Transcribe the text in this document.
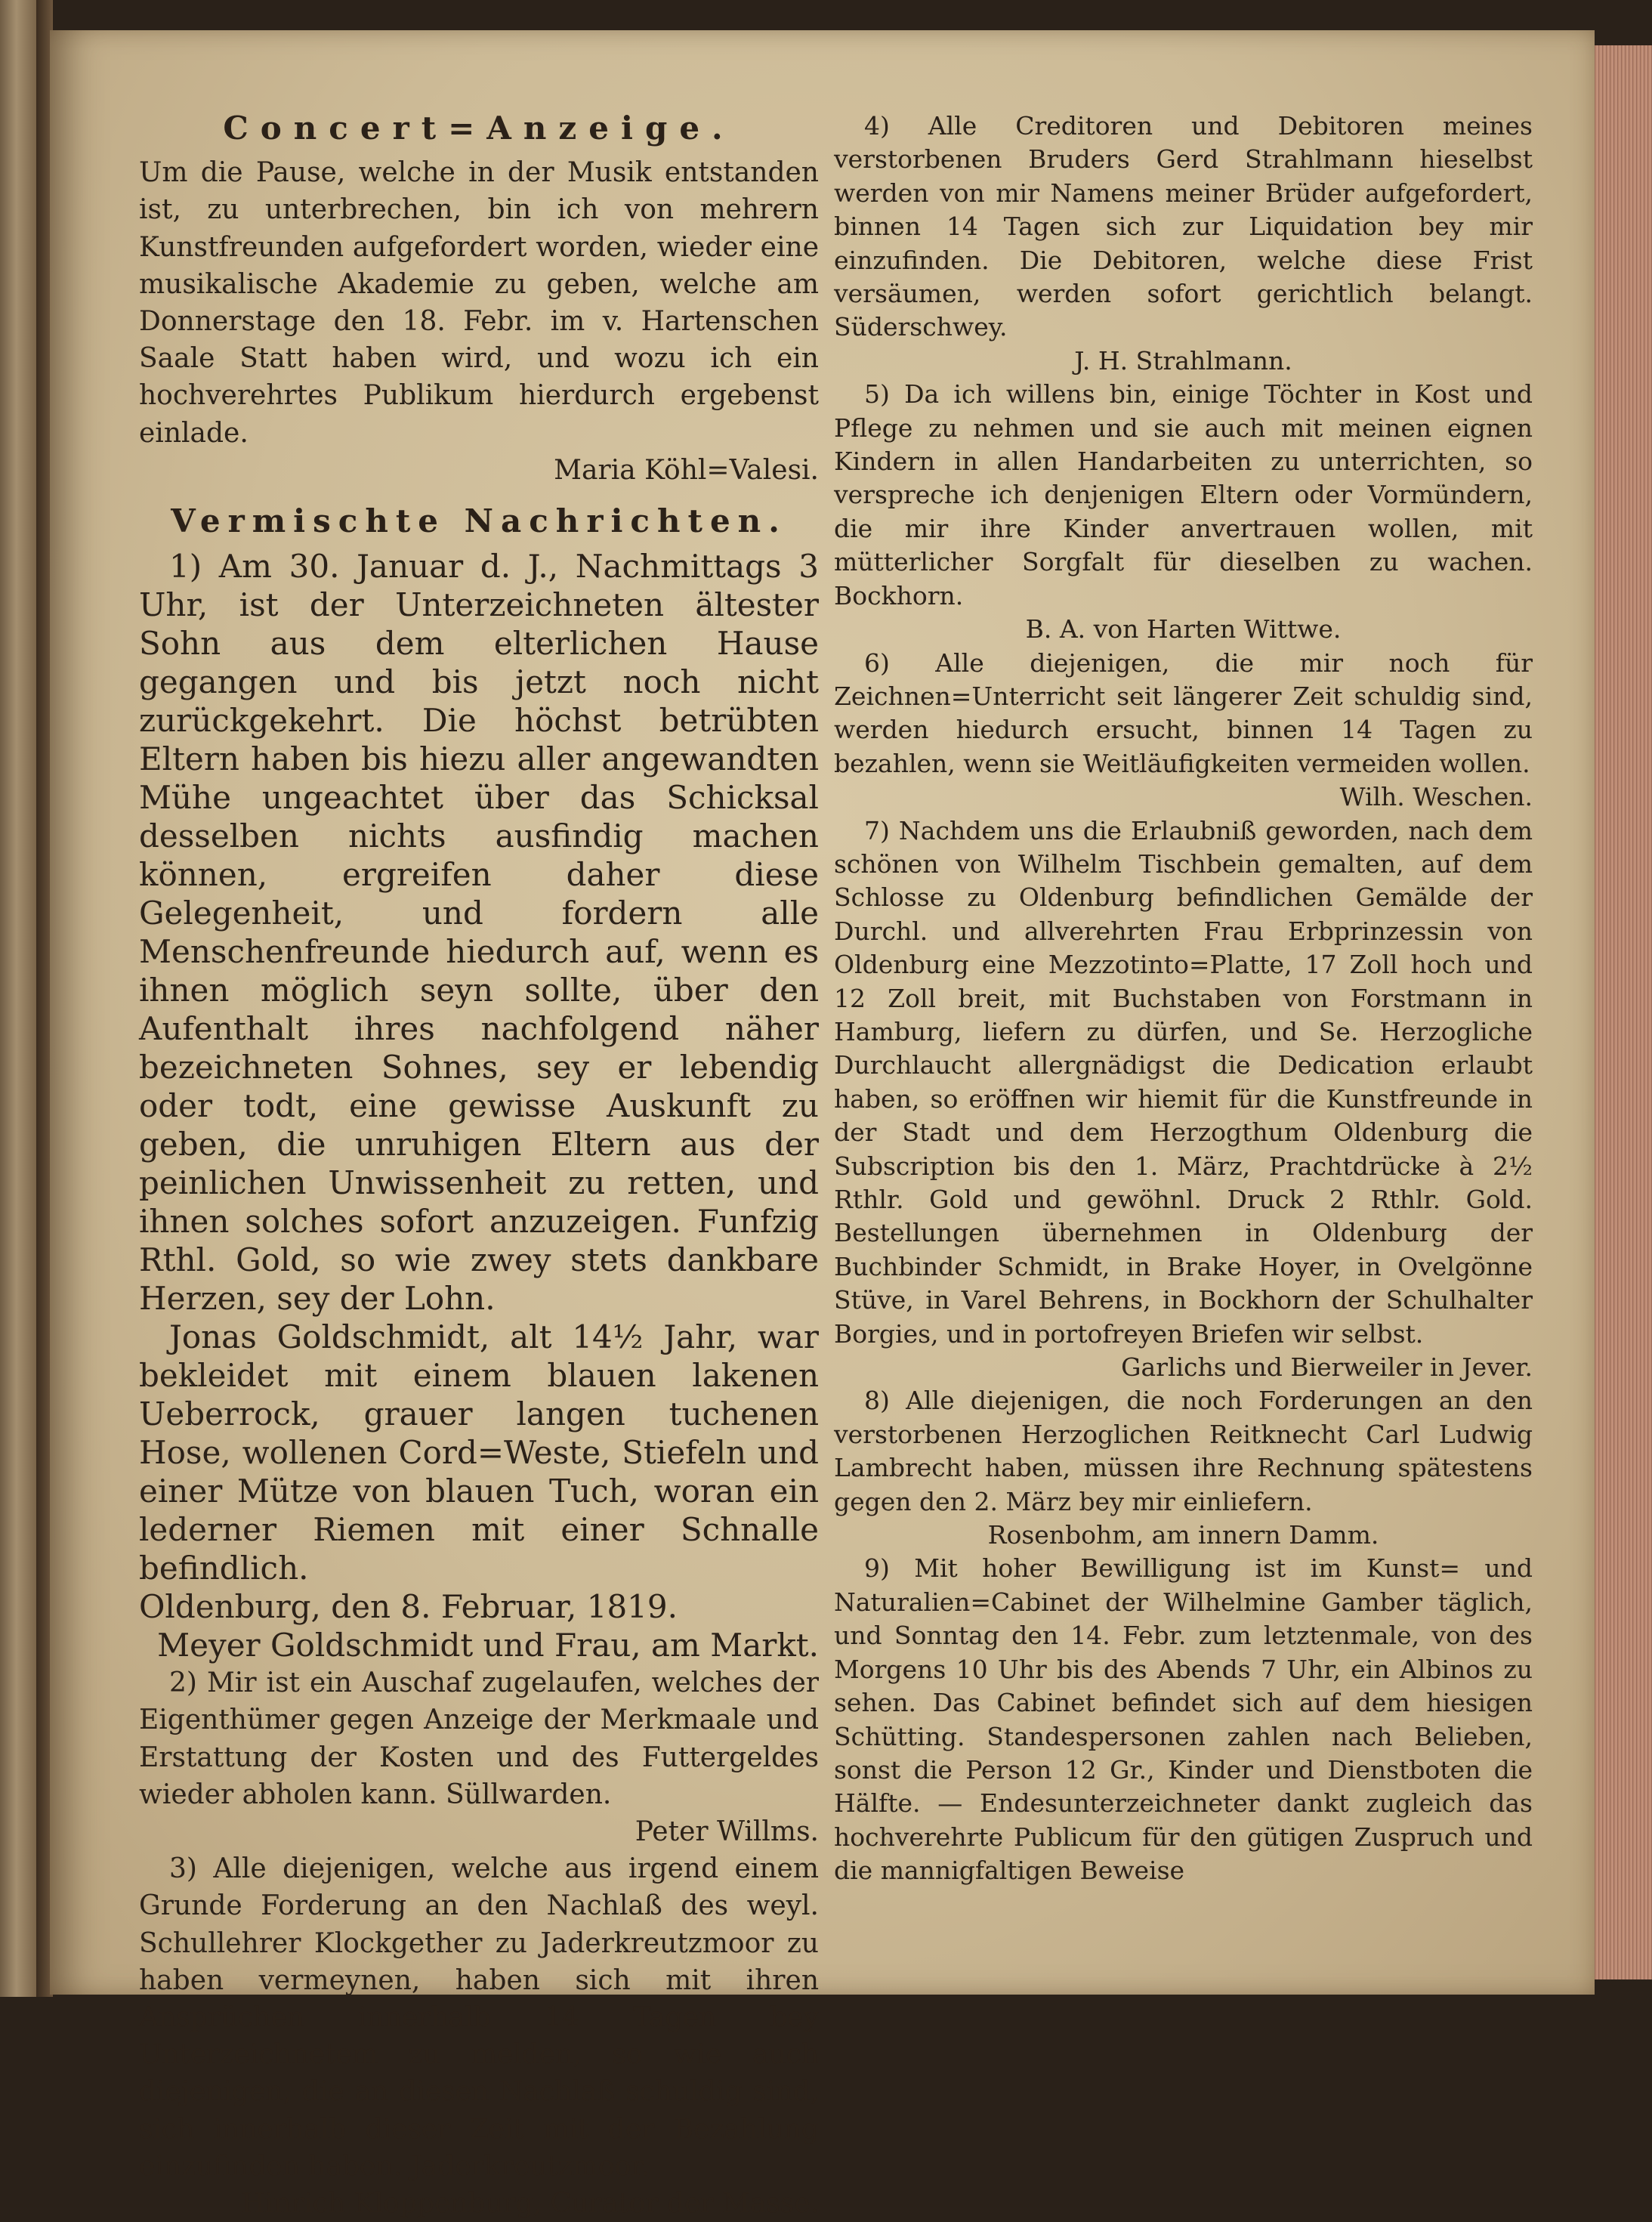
Concert=Anzeige.

Um die Pause, welche in der Musik entstanden ist, zu unterbrechen, bin ich von mehrern Kunstfreunden aufgefordert worden, wieder eine musikalische Akademie zu geben, welche am Donnerstage den 18. Febr. im v. Hartenschen Saale Statt haben wird, und wozu ich ein hochverehrtes Publikum hierdurch ergebenst einlade.

Maria Köhl=Valesi.

Vermischte Nachrichten.

1) Am 30. Januar d. J., Nachmittags 3 Uhr, ist der Unterzeichneten ältester Sohn aus dem elterlichen Hause gegangen und bis jetzt noch nicht zurückgekehrt. Die höchst betrübten Eltern haben bis hiezu aller angewandten Mühe ungeachtet über das Schicksal desselben nichts ausfindig machen können, ergreifen daher diese Gelegenheit, und fordern alle Menschenfreunde hiedurch auf, wenn es ihnen möglich seyn sollte, über den Aufenthalt ihres nachfolgend näher bezeichneten Sohnes, sey er lebendig oder todt, eine gewisse Auskunft zu geben, die unruhigen Eltern aus der peinlichen Unwissenheit zu retten, und ihnen solches sofort anzuzeigen. Funfzig Rthl. Gold, so wie zwey stets dankbare Herzen, sey der Lohn.

Jonas Goldschmidt, alt 14½ Jahr, war bekleidet mit einem blauen lakenen Ueberrock, grauer langen tuchenen Hose, wollenen Cord=Weste, Stiefeln und einer Mütze von blauen Tuch, woran ein lederner Riemen mit einer Schnalle befindlich.

Oldenburg, den 8. Februar, 1819.

Meyer Goldschmidt und Frau, am Markt.

2) Mir ist ein Auschaf zugelaufen, welches der Eigenthümer gegen Anzeige der Merkmaale und Erstattung der Kosten und des Futtergeldes wieder abholen kann. Süllwarden.

Peter Willms.

3) Alle diejenigen, welche aus irgend einem Grunde Forderung an den Nachlaß des weyl. Schullehrer Klockgether zu Jaderkreutzmoor zu haben vermeynen, haben sich mit ihren Ansprüchen innerhalb 14 Tagen bey Unterzeichnetem zu melden, so wie auch diejenigen, die an diesen Nachlaß schuldig sind, sich innerhalb dieser Zeit mit der Bezahlung einzufinden haben. Jaderkreutzmoor.

Hinrich Kloppenburg, Curator der Masse.

4) Alle Creditoren und Debitoren meines verstorbenen Bruders Gerd Strahlmann hieselbst werden von mir Namens meiner Brüder aufgefordert, binnen 14 Tagen sich zur Liquidation bey mir einzufinden. Die Debitoren, welche diese Frist versäumen, werden sofort gerichtlich belangt. Süderschwey.

J. H. Strahlmann.

5) Da ich willens bin, einige Töchter in Kost und Pflege zu nehmen und sie auch mit meinen eignen Kindern in allen Handarbeiten zu unterrichten, so verspreche ich denjenigen Eltern oder Vormündern, die mir ihre Kinder anvertrauen wollen, mit mütterlicher Sorgfalt für dieselben zu wachen. Bockhorn.

B. A. von Harten Wittwe.

6) Alle diejenigen, die mir noch für Zeichnen=Unterricht seit längerer Zeit schuldig sind, werden hiedurch ersucht, binnen 14 Tagen zu bezahlen, wenn sie Weitläufigkeiten vermeiden wollen.

Wilh. Weschen.

7) Nachdem uns die Erlaubniß geworden, nach dem schönen von Wilhelm Tischbein gemalten, auf dem Schlosse zu Oldenburg befindlichen Gemälde der Durchl. und allverehrten Frau Erbprinzessin von Oldenburg eine Mezzotinto=Platte, 17 Zoll hoch und 12 Zoll breit, mit Buchstaben von Forstmann in Hamburg, liefern zu dürfen, und Se. Herzogliche Durchlaucht allergnädigst die Dedication erlaubt haben, so eröffnen wir hiemit für die Kunstfreunde in der Stadt und dem Herzogthum Oldenburg die Subscription bis den 1. März, Prachtdrücke à 2½ Rthlr. Gold und gewöhnl. Druck 2 Rthlr. Gold. Bestellungen übernehmen in Oldenburg der Buchbinder Schmidt, in Brake Hoyer, in Ovelgönne Stüve, in Varel Behrens, in Bockhorn der Schulhalter Borgies, und in portofreyen Briefen wir selbst.

Garlichs und Bierweiler in Jever.

8) Alle diejenigen, die noch Forderungen an den verstorbenen Herzoglichen Reitknecht Carl Ludwig Lambrecht haben, müssen ihre Rechnung spätestens gegen den 2. März bey mir einliefern.

Rosenbohm, am innern Damm.

9) Mit hoher Bewilligung ist im Kunst= und Naturalien=Cabinet der Wilhelmine Gamber täglich, und Sonntag den 14. Febr. zum letztenmale, von des Morgens 10 Uhr bis des Abends 7 Uhr, ein Albinos zu sehen. Das Cabinet befindet sich auf dem hiesigen Schütting. Standespersonen zahlen nach Belieben, sonst die Person 12 Gr., Kinder und Dienstboten die Hälfte. — Endesunterzeichneter dankt zugleich das hochverehrte Publicum für den gütigen Zuspruch und die mannigfaltigen Beweise
